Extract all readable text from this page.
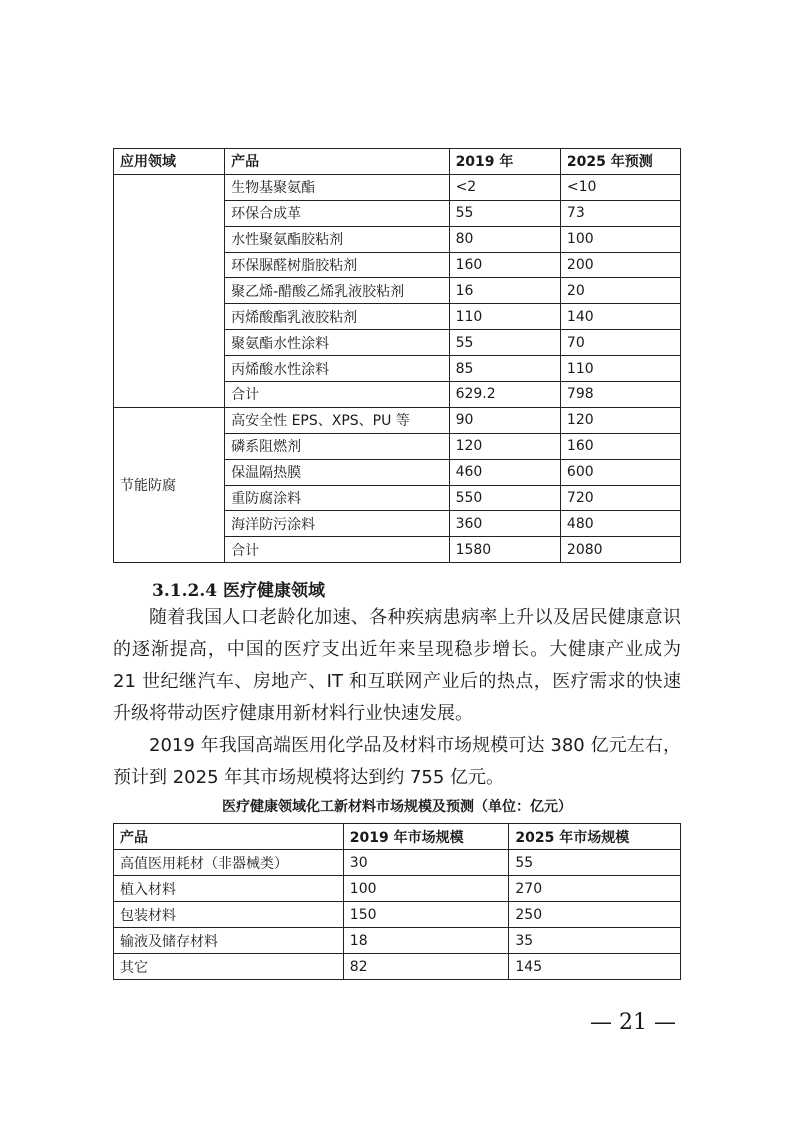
应用领域	产品	2019 年	2025 年预测
	生物基聚氨酯	<2	<10
	环保合成革	55	73
	水性聚氨酯胶粘剂	80	100
	环保脲醛树脂胶粘剂	160	200
	聚乙烯-醋酸乙烯乳液胶粘剂	16	20
	丙烯酸酯乳液胶粘剂	110	140
	聚氨酯水性涂料	55	70
	丙烯酸水性涂料	85	110
	合计	629.2	798
节能防腐	高安全性 EPS、XPS、PU 等	90	120
	磷系阻燃剂	120	160
	保温隔热膜	460	600
	重防腐涂料	550	720
	海洋防污涂料	360	480
	合计	1580	2080
3.1.2.4 医疗健康领域

随着我国人口老龄化加速、各种疾病患病率上升以及居民健康意识的逐渐提高，中国的医疗支出近年来呈现稳步增长。大健康产业成为 21 世纪继汽车、房地产、IT 和互联网产业后的热点，医疗需求的快速升级将带动医疗健康用新材料行业快速发展。

2019 年我国高端医用化学品及材料市场规模可达 380 亿元左右，预计到 2025 年其市场规模将达到约 755 亿元。

医疗健康领域化工新材料市场规模及预测（单位：亿元）
产品	2019 年市场规模	2025 年市场规模
高值医用耗材（非器械类）	30	55
植入材料	100	270
包装材料	150	250
输液及储存材料	18	35
其它	82	145
— 21 —
